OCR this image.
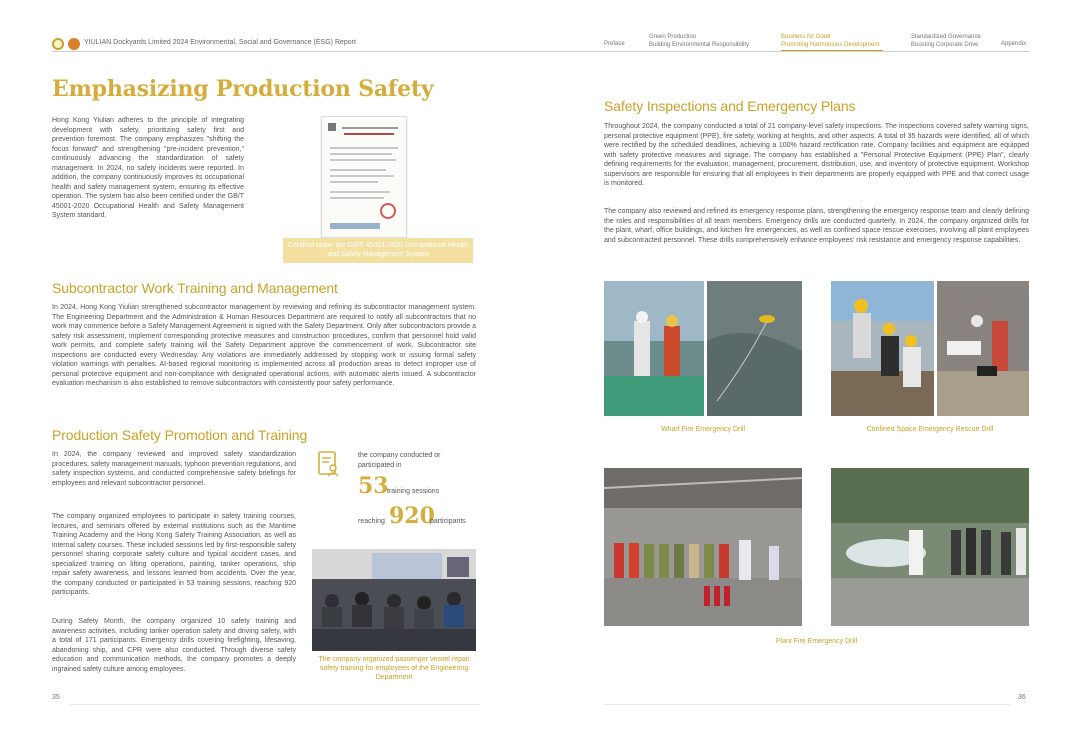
YIULIAN Dockyards Limited 2024 Environmental, Social and Governance (ESG) Report	Preface
Green Production
Building Environmental Responsibility
Business for Good
Promoting Harmonious Development
Standardized Governance
Boosting Corporate Drive	Appendix
Emphasizing Production Safety

Hong Kong Yiulian adheres to the principle of integrating development with safety, prioritizing safety first and prevention foremost. The company emphasizes "shifting the focus forward" and strengthening "pre-incident prevention," continuously advancing the standardization of safety management. In 2024, no safety incidents were reported. In addition, the company continuously improves its occupational health and safety management system, ensuring its effective operation. The system has also been certified under the GB/T 45001-2020 Occupational Health and Safety Management System standard.

Certified under the GB/T 45001-2020 Occupational Health and Safety Management System
Subcontractor Work Training and Management

In 2024, Hong Kong Yiulian strengthened subcontractor management by reviewing and refining its subcontractor management system. The Engineering Department and the Administration & Human Resources Department are required to notify all subcontractors that no work may commence before a Safety Management Agreement is signed with the Safety Department. Only after subcontractors provide a safety risk assessment, implement corresponding protective measures and construction procedures, confirm that personnel hold valid work permits, and complete safety training will the Safety Department approve the commencement of work. Subcontractor site inspections are conducted every Wednesday. Any violations are immediately addressed by stopping work or issuing formal safety violation warnings with penalties. AI-based regional monitoring is implemented across all production areas to detect improper use of personal protective equipment and non-compliance with designated operational actions, with automatic alerts issued. A subcontractor evaluation mechanism is also established to remove subcontractors with consistently poor safety performance.

Production Safety Promotion and Training

In 2024, the company reviewed and improved safety standardization procedures, safety management manuals, typhoon prevention regulations, and safety inspection systems, and conducted comprehensive safety briefings for employees and relevant subcontractor personnel.

The company organized employees to participate in safety training courses, lectures, and seminars offered by external institutions such as the Maritime Training Academy and the Hong Kong Safety Training Association, as well as internal safety courses. These included sessions led by first-responsible safety personnel sharing corporate safety culture and typical accident cases, and specialized training on lifting operations, painting, tanker operations, ship repair safety awareness, and lessons learned from accidents. Over the year, the company conducted or participated in 53 training sessions, reaching 920 participants.

During Safety Month, the company organized 10 safety training and awareness activities, including tanker operation safety and driving safety, with a total of 171 participants. Emergency drills covering firefighting, lifesaving, abandoning ship, and CPR were also conducted. Through diverse safety education and communication methods, the company promotes a deeply ingrained safety culture among employees.

the company conducted or participated in
53
training sessions
reaching 920
participants
The company organized passenger vessel repair safety training for employees of the Engineering Department
35
Safety Inspections and Emergency Plans

Throughout 2024, the company conducted a total of 21 company-level safety inspections. The inspections covered safety warning signs, personal protective equipment (PPE), fire safety, working at heights, and other aspects. A total of 35 hazards were identified, all of which were rectified by the scheduled deadlines, achieving a 100% hazard rectification rate. Company facilities and equipment are equipped with safety protective measures and signage. The company has established a "Personal Protective Equipment (PPE) Plan", clearly defining requirements for the evaluation, management, procurement, distribution, use, and inventory of protective equipment. Workshop supervisors are responsible for ensuring that all employees in their departments are properly equipped with PPE and that correct usage is monitored.

The company also reviewed and refined its emergency response plans, strengthening the emergency response team and clearly defining the roles and responsibilities of all team members. Emergency drills are conducted quarterly. In 2024, the company organized drills for the plant, wharf, office buildings, and kitchen fire emergencies, as well as confined space rescue exercises, involving all plant employees and subcontracted personnel. These drills comprehensively enhance employees' risk resistance and emergency response capabilities.

Wharf Fire Emergency Drill	Confined Space Emergency Rescue Drill
Plant Fire Emergency Drill
36
